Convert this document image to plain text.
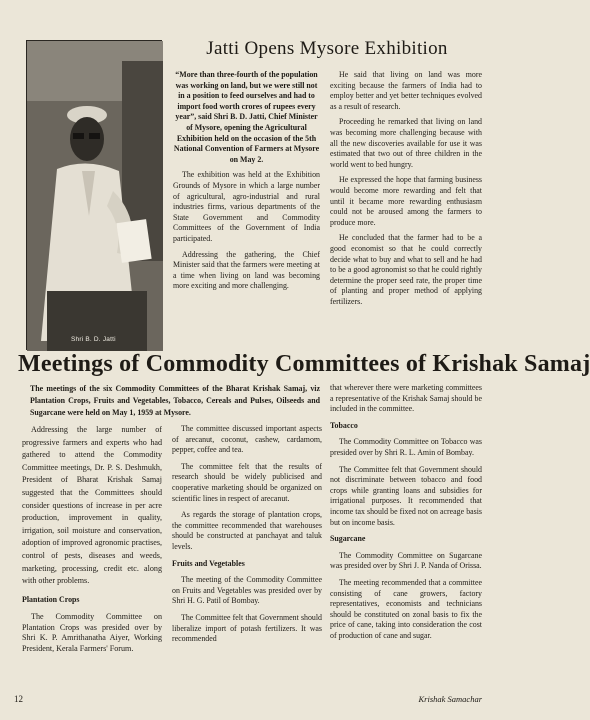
Shri B. D. Jatti
Jatti Opens Mysore Exhibition

“More than three-fourth of the population was working on land, but we were still not in a position to feed ourselves and had to import food worth crores of rupees every year”, said Shri B. D. Jatti, Chief Minister of Mysore, opening the Agricultural Exhibition held on the occasion of the 5th National Convention of Farmers at Mysore on May 2.

The exhibition was held at the Exhibition Grounds of Mysore in which a large number of agricultural, agro-industrial and rural industries firms, various departments of the State Government and Commodity Committees of the Government of India participated.

Addressing the gathering, the Chief Minister said that the farmers were meeting at a time when living on land was becoming more exciting and more challenging.

He said that living on land was more exciting because the farmers of India had to employ better and yet better techniques evolved as a result of research.

Proceeding he remarked that living on land was becoming more challenging because with all the new discoveries available for use it was estimated that two out of three children in the world went to bed hungry.

He expressed the hope that farming business would become more rewarding and felt that until it became more rewarding enthusiasm could not be aroused among the farmers to produce more.

He concluded that the farmer had to be a good economist so that he could correctly decide what to buy and what to sell and he had to be a good agronomist so that he could rightly determine the proper seed rate, the proper time of planting and proper method of applying fertilizers.

Meetings of Commodity Committees of Krishak Samaj

The meetings of the six Commodity Committees of the Bharat Krishak Samaj, viz Plantation Crops, Fruits and Vegetables, Tobacco, Cereals and Pulses, Oilseeds and Sugarcane were held on May 1, 1959 at Mysore.

Addressing the large number of progressive farmers and experts who had gathered to attend the Commodity Committee meetings, Dr. P. S. Deshmukh, President of Bharat Krishak Samaj suggested that the Committees should consider questions of increase in per acre production, improvement in quality, irrigation, soil moisture and conservation, adoption of improved agronomic practises, control of pests, diseases and weeds, marketing, processing, credit etc. along with other problems.

Plantation Crops

The Commodity Committee on Plantation Crops was presided over by Shri K. P. Amrithanatha Aiyer, Working President, Kerala Farmers' Forum.

The committee discussed important aspects of arecanut, coconut, cashew, cardamom, pepper, coffee and tea.

The committee felt that the results of research should be widely publicised and cooperative marketing should be organized on scientific lines in respect of arecanut.

As regards the storage of plantation crops, the committee recommended that warehouses should be constructed at panchayat and taluk levels.

Fruits and Vegetables

The meeting of the Commodity Committee on Fruits and Vegetables was presided over by Shri H. G. Patil of Bombay.

The Committee felt that Government should liberalize import of potash fertilizers. It was recommended

that wherever there were marketing committees a representative of the Krishak Samaj should be included in the committee.

Tobacco

The Commodity Committee on Tobacco was presided over by Shri R. L. Amin of Bombay.

The Committee felt that Government should not discriminate between tobacco and food crops while granting loans and subsidies for irrigational purposes. It recommended that income tax should be fixed not on acreage basis but on income basis.

Sugarcane

The Commodity Committee on Sugarcane was presided over by Shri J. P. Nanda of Orissa.

The meeting recommended that a committee consisting of cane growers, factory representatives, economists and technicians should be constituted on zonal basis to fix the price of cane, taking into consideration the cost of production of cane and sugar.

12	Krishak Samachar
